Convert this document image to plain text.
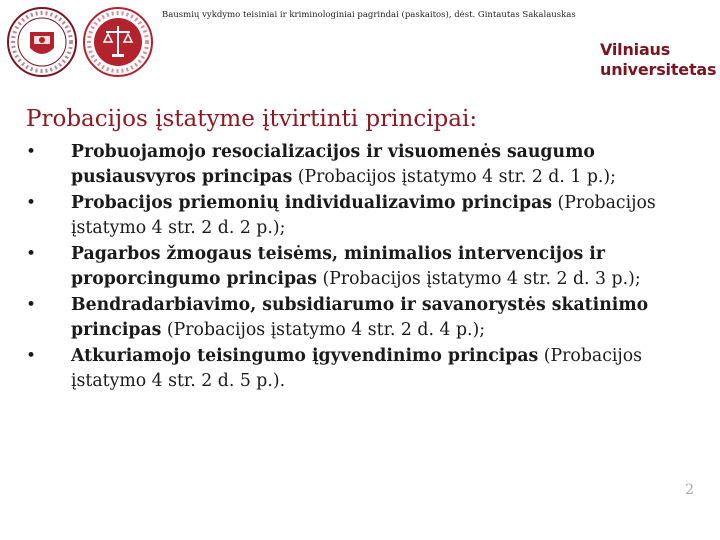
Bausmių vykdymo teisiniai ir kriminologiniai pagrindai (paskaitos), dėst. Gintautas Sakalauskas
Vilniaus
universitetas
Probacijos įstatyme įtvirtinti principai:
•	Probuojamojo resocializacijos ir visuomenės saugumo pusiausvyros principas (Probacijos įstatymo 4 str. 2 d. 1 p.);
•	Probacijos priemonių individualizavimo principas (Probacijos įstatymo 4 str. 2 d. 2 p.);
•	Pagarbos žmogaus teisėms, minimalios intervencijos ir proporcingumo principas (Probacijos įstatymo 4 str. 2 d. 3 p.);
•	Bendradarbiavimo, subsidiarumo ir savanorystės skatinimo principas (Probacijos įstatymo 4 str. 2 d. 4 p.);
•	Atkuriamojo teisingumo įgyvendinimo principas (Probacijos įstatymo 4 str. 2 d. 5 p.).
2
